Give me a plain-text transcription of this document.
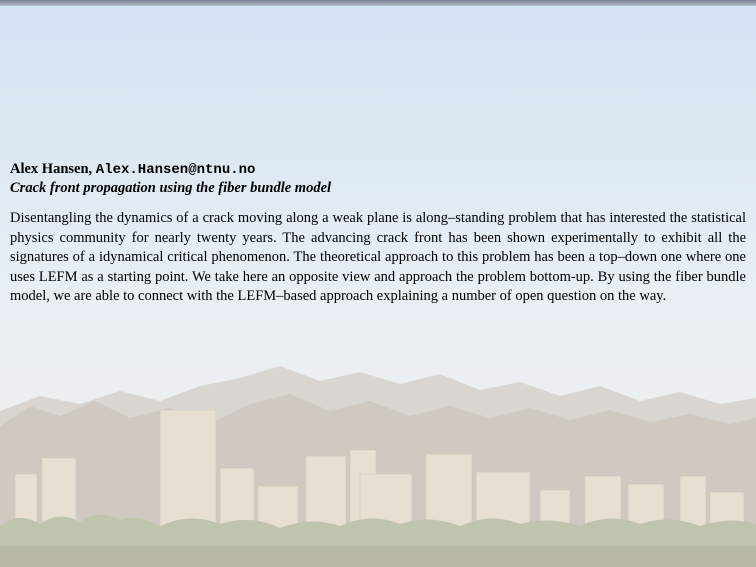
Alex Hansen, Alex.Hansen@ntnu.no

Crack front propagation using the fiber bundle model

Disentangling the dynamics of a crack moving along a weak plane is along–standing problem that has interested the statistical physics community for nearly twenty years. The advancing crack front has been shown experimentally to exhibit all the signatures of a idynamical critical phenomenon. The theoretical approach to this problem has been a top–down one where one uses LEFM as a starting point. We take here an opposite view and approach the problem bottom-up. By using the fiber bundle model, we are able to connect with the LEFM–based approach explaining a number of open question on the way.
